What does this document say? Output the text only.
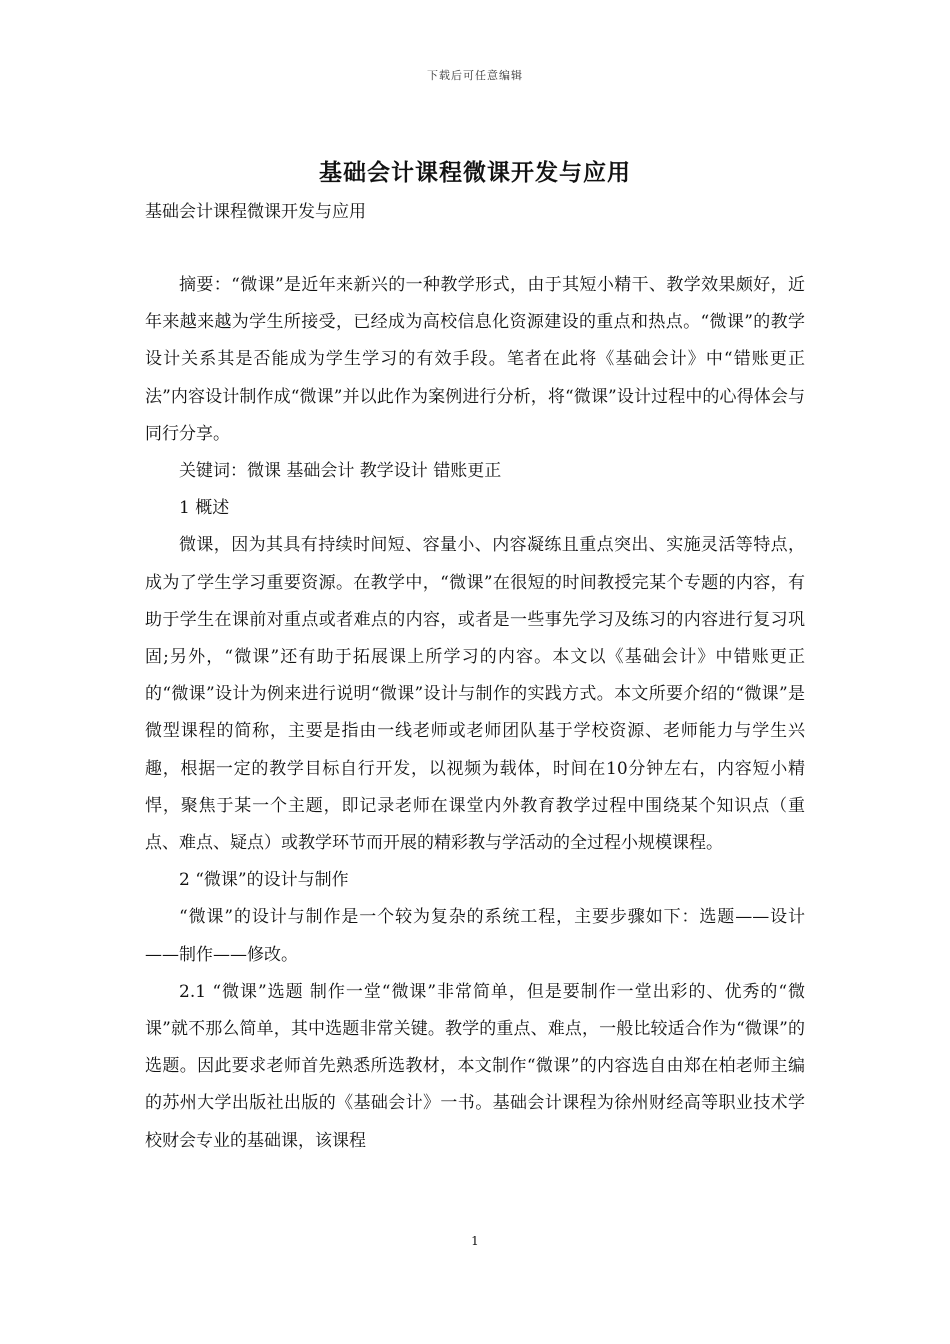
下载后可任意编辑
基础会计课程微课开发与应用

基础会计课程微课开发与应用

摘要：“微课”是近年来新兴的一种教学形式，由于其短小精干、教学效果颇好，近年来越来越为学生所接受，已经成为高校信息化资源建设的重点和热点。“微课”的教学设计关系其是否能成为学生学习的有效手段。笔者在此将《基础会计》中“错账更正法”内容设计制作成“微课”并以此作为案例进行分析，将“微课”设计过程中的心得体会与同行分享。

关键词：微课 基础会计 教学设计 错账更正

1 概述

微课，因为其具有持续时间短、容量小、内容凝练且重点突出、实施灵活等特点，成为了学生学习重要资源。在教学中，“微课”在很短的时间教授完某个专题的内容，有助于学生在课前对重点或者难点的内容，或者是一些事先学习及练习的内容进行复习巩固;另外，“微课”还有助于拓展课上所学习的内容。本文以《基础会计》中错账更正的“微课”设计为例来进行说明“微课”设计与制作的实践方式。本文所要介绍的“微课”是微型课程的简称，主要是指由一线老师或老师团队基于学校资源、老师能力与学生兴趣，根据一定的教学目标自行开发，以视频为载体，时间在10分钟左右，内容短小精悍，聚焦于某一个主题，即记录老师在课堂内外教育教学过程中围绕某个知识点（重点、难点、疑点）或教学环节而开展的精彩教与学活动的全过程小规模课程。

2 “微课”的设计与制作

“微课”的设计与制作是一个较为复杂的系统工程，主要步骤如下：选题——设计——制作——修改。

2.1 “微课”选题 制作一堂“微课”非常简单，但是要制作一堂出彩的、优秀的“微课”就不那么简单，其中选题非常关键。教学的重点、难点，一般比较适合作为“微课”的选题。因此要求老师首先熟悉所选教材，本文制作“微课”的内容选自由郑在柏老师主编的苏州大学出版社出版的《基础会计》一书。基础会计课程为徐州财经高等职业技术学校财会专业的基础课，该课程

1
